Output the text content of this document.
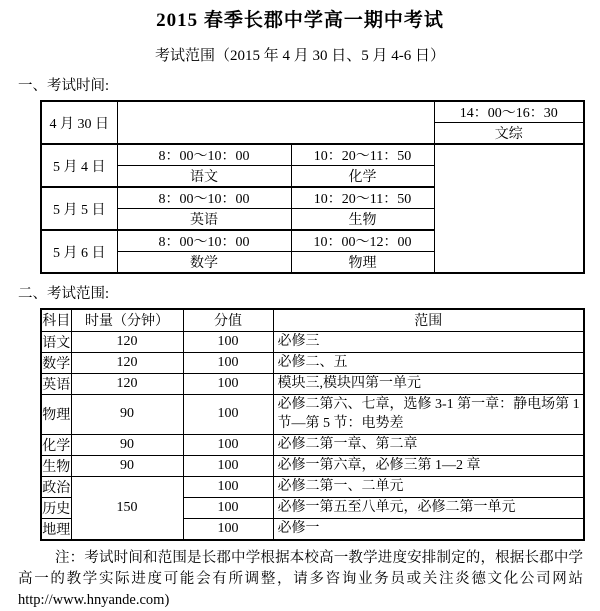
2015 春季长郡中学高一期中考试
考试范围（2015 年 4 月 30 日、5 月 4-6 日）
一、考试时间:
4 月 30 日			14：00～16：30
			文综
5 月 4 日	8：00～10：00	10：20～11：50	
	语文	化学	
5 月 5 日	8：00～10：00	10：20～11：50	
	英语	生物	
5 月 6 日	8：00～10：00	10：00～12：00	
	数学	物理	
二、考试范围:
科目	时量（分钟）	分值	范围
语文	120	100	必修三
数学	120	100	必修二、五
英语	120	100	模块三,模块四第一单元
物理	90	100	必修二第六、七章，选修 3-1 第一章：静电场第 1 节—第 5 节：电势差
化学	90	100	必修二第一章、第二章
生物	90	100	必修一第六章，必修三第 1—2 章
政治	150	100	必修二第一、二单元
历史		100	必修一第五至八单元，必修二第一单元
地理		100	必修一
注：考试时间和范围是长郡中学根据本校高一教学进度安排制定的，根据长郡中学
高一的教学实际进度可能会有所调整，请多咨询业务员或关注炎德文化公司网站
http://www.hnyande.com)
